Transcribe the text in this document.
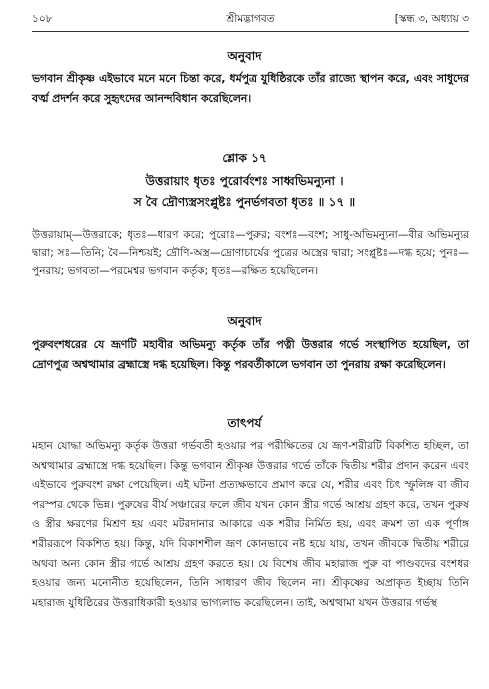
১০৮	শ্রীমদ্ভাগবত	[স্কন্ধ ৩, অধ্যায় ৩
অনুবাদ
ভগবান শ্রীকৃষ্ণ এইভাবে মনে মনে চিন্তা করে, ধর্মপুত্র যুধিষ্ঠিরকে তাঁর রাজ্যে স্থাপন করে, এবং সাধুদের বর্ত্ম প্রদর্শন করে সুহৃৎদের আনন্দবিধান করেছিলেন।
শ্লোক ১৭
উত্তরায়াং ধৃতঃ পুরোর্বংশঃ সাধ্বভিমন্যুনা ।
স বৈ দ্রৌণ্যস্ত্রসংপ্লুষ্টঃ পুনর্ভগবতা ধৃতঃ ॥ ১৭ ॥
উত্তরায়াম্—উত্তরাকে; ধৃতঃ—ধারণ করে; পুরোঃ—পুরুর; বংশঃ—বংশ; সাধু-অভিমন্যুনা—বীর অভিমন্যুর দ্বারা; সঃ—তিনি; বৈ—নিশ্চয়ই; দ্রৌণি-অস্ত্র—দ্রোণাচার্যের পুত্রের অস্ত্রের দ্বারা; সংপ্লুষ্টঃ—দগ্ধ হয়ে; পুনঃ—পুনরায়; ভগবতা—পরমেশ্বর ভগবান কর্তৃক; ধৃতঃ—রক্ষিত হয়েছিলেন।
অনুবাদ
পুরুবংশধরের যে ভ্রূণটি মহাবীর অভিমন্যু কর্তৃক তাঁর পত্নী উত্তরার গর্ভে সংস্থাপিত হয়েছিল, তা দ্রোণপুত্র অশ্বত্থামার ব্রহ্মাস্ত্রে দগ্ধ হয়েছিল। কিন্তু পরবর্তীকালে ভগবান তা পুনরায় রক্ষা করেছিলেন।
তাৎপর্য
মহান যোদ্ধা অভিমন্যু কর্তৃক উত্তরা গর্ভবতী হওয়ার পর পরীক্ষিতের যে ভ্রূণ-শরীরটি বিকশিত হচ্ছিল, তা অশ্বত্থামার ব্রহ্মাস্ত্রে দগ্ধ হয়েছিল। কিন্তু ভগবান শ্রীকৃষ্ণ উত্তরার গর্ভে তাঁকে দ্বিতীয় শরীর প্রদান করেন এবং এইভাবে পুরুবংশ রক্ষা পেয়েছিল। এই ঘটনা প্রত্যক্ষভাবে প্রমাণ করে যে, শরীর এবং চিৎ স্ফুলিঙ্গ বা জীব পরস্পর থেকে ভিন্ন। পুরুষের বীর্য সঞ্চারের ফলে জীব যখন কোন স্ত্রীর গর্ভে আশ্রয় গ্রহণ করে, তখন পুরুষ ও স্ত্রীর ক্ষরণের মিশ্রণ হয় এবং মটরদানার আকারে এক শরীর নির্মিত হয়, এবং ক্রমশ তা এক পূর্ণাঙ্গ শরীররূপে বিকশিত হয়। কিন্তু, যদি বিকাশশীল ভ্রূণ কোনভাবে নষ্ট হয়ে যায়, তখন জীবকে দ্বিতীয় শরীরে অথবা অন্য কোন স্ত্রীর গর্ভে আশ্রয় গ্রহণ করতে হয়। যে বিশেষ জীব মহারাজ পুরু বা পাণ্ডবদের বংশধর হওয়ার জন্য মনোনীত হয়েছিলেন, তিনি সাধারণ জীব ছিলেন না। শ্রীকৃষ্ণের অপ্রাকৃত ইচ্ছায় তিনি মহারাজ যুধিষ্ঠিরের উত্তরাধিকারী হওয়ার ভাগ্যলাভ করেছিলেন। তাই, অশ্বত্থামা যখন উত্তরার গর্ভস্থ
